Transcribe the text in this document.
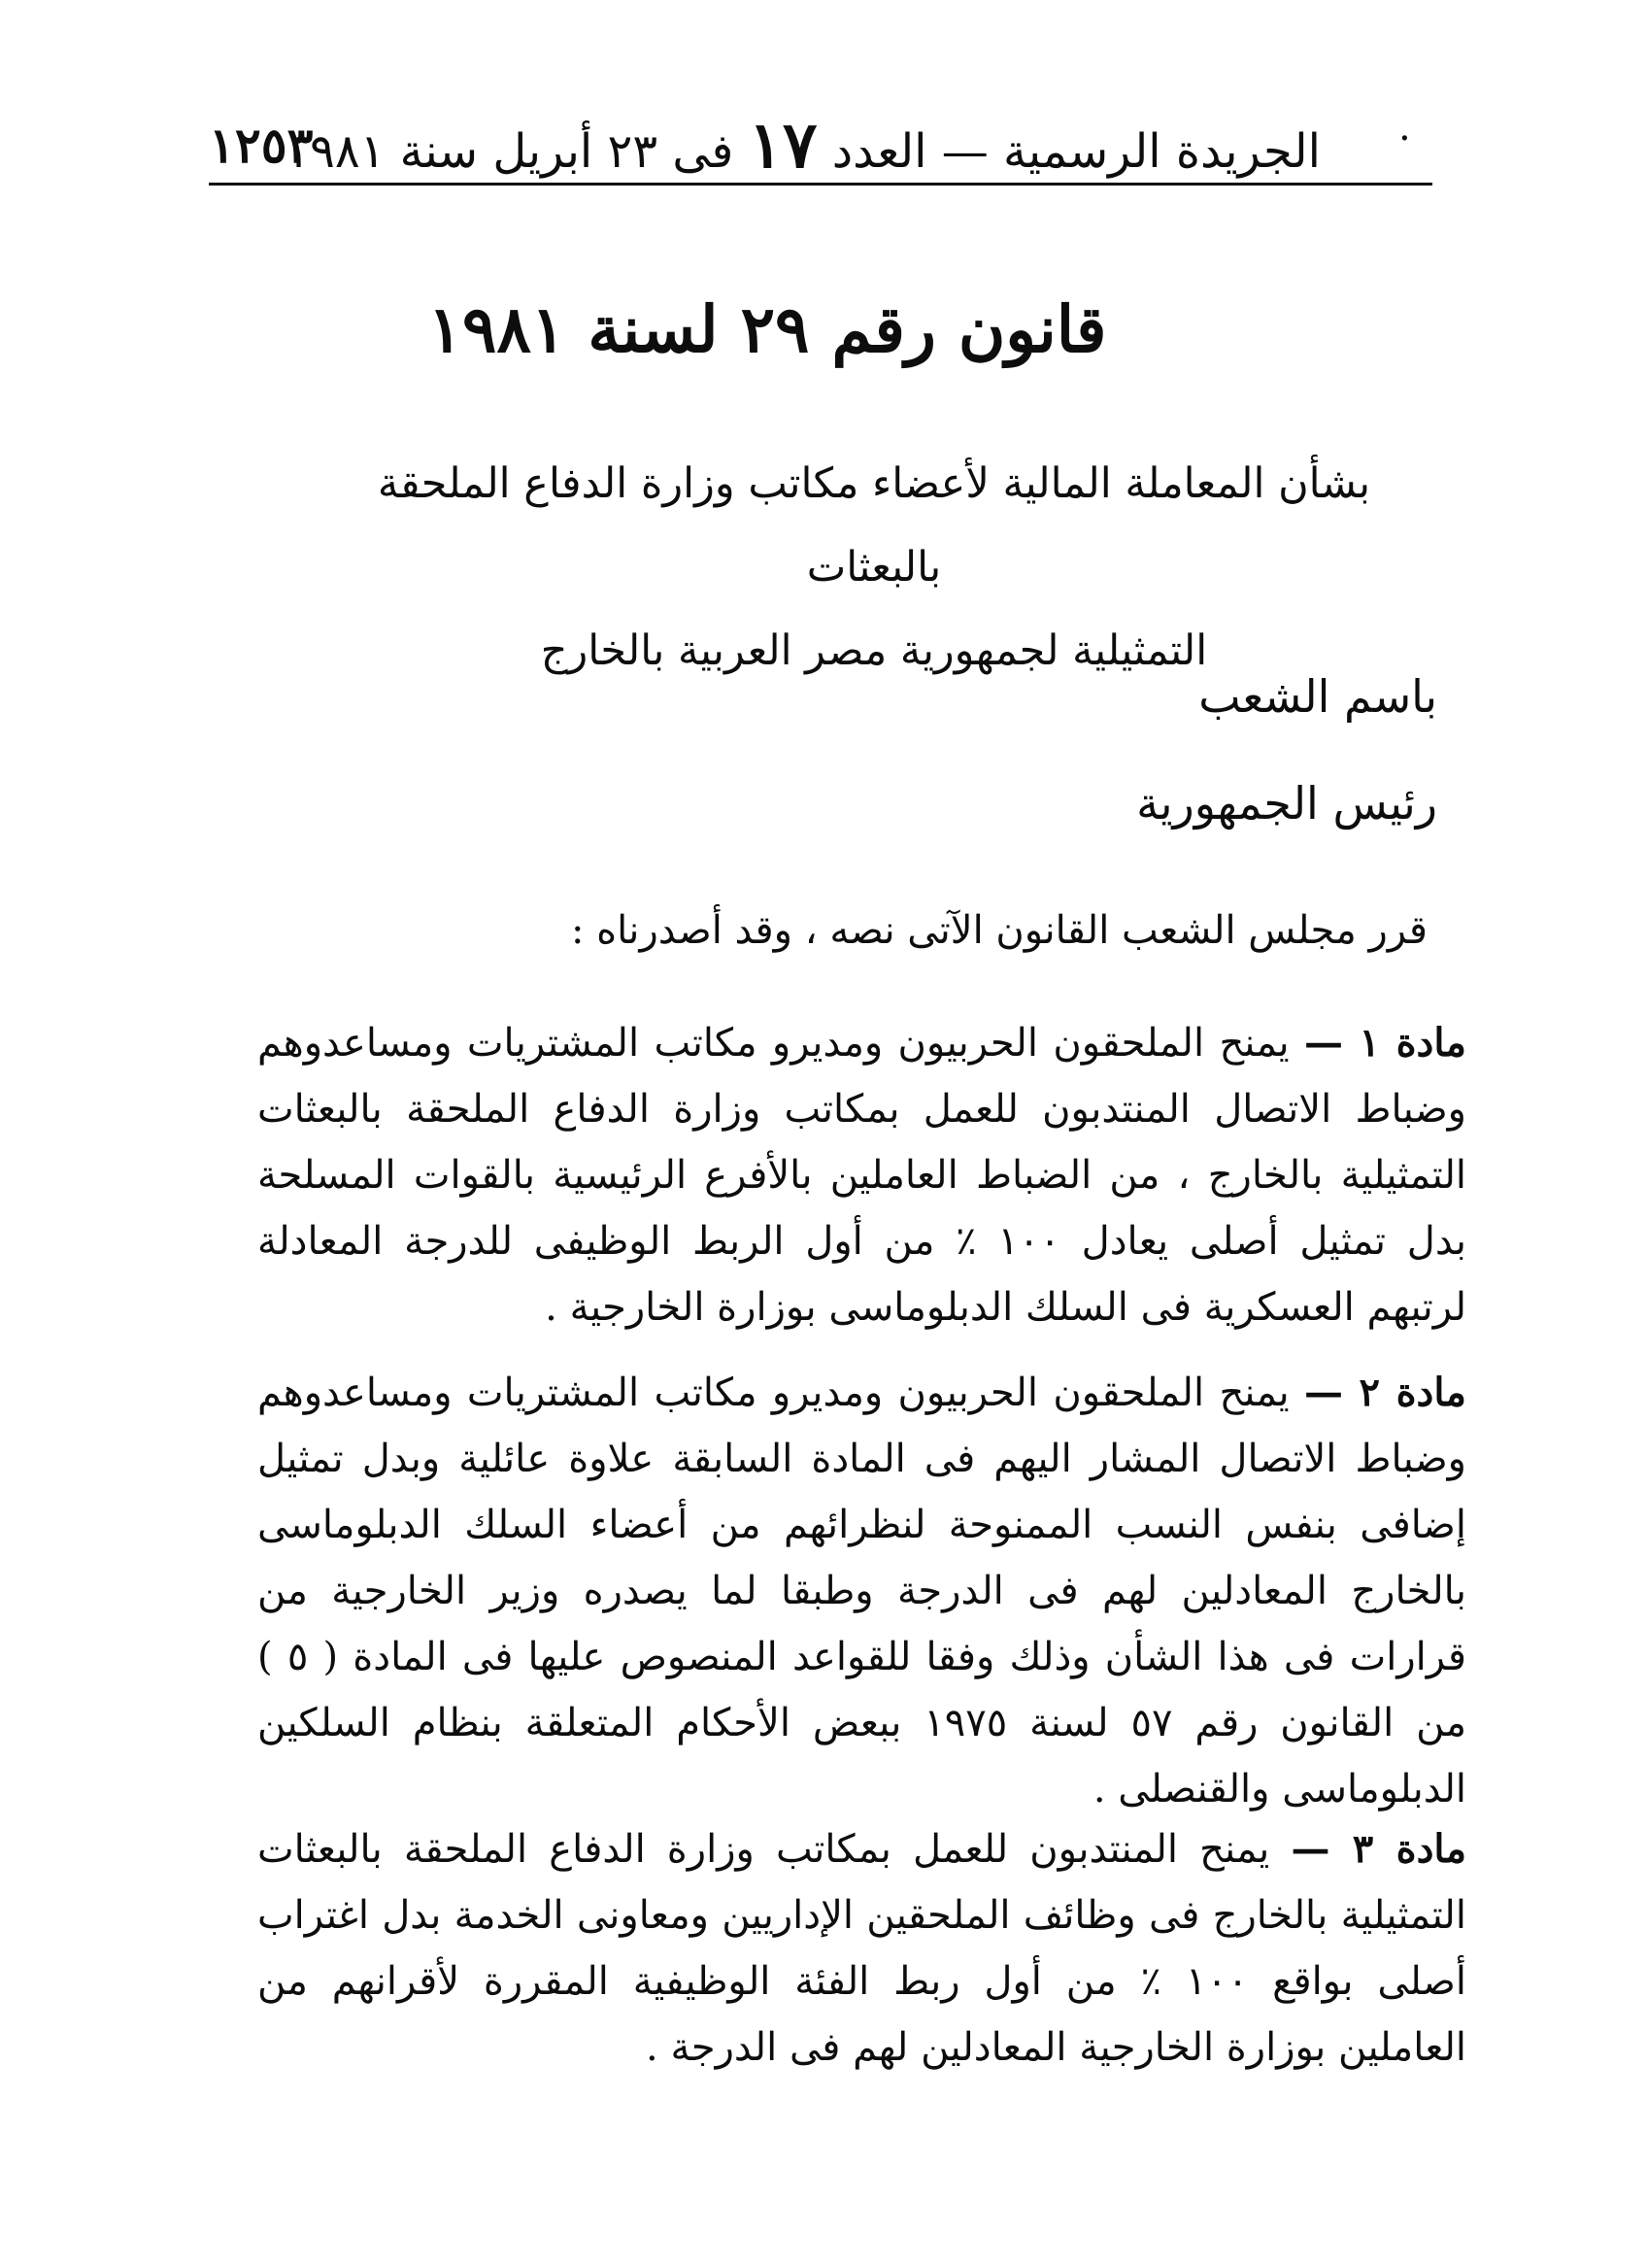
١٢٥٣	الجريدة الرسمية — العدد ١٧ فى ٢٣ أبريل سنة ١٩٨١	.
قانون رقم ٢٩ لسنة ١٩٨١
بشأن المعاملة المالية لأعضاء مكاتب وزارة الدفاع الملحقة بالبعثات
التمثيلية لجمهورية مصر العربية بالخارج
باسم الشعب
رئيس الجمهورية
قرر مجلس الشعب القانون الآتى نصه ، وقد أصدرناه :
مادة ١ — يمنح الملحقون الحربيون ومديرو مكاتب المشتريات ومساعدوهم وضباط الاتصال المنتدبون للعمل بمكاتب وزارة الدفاع الملحقة بالبعثات التمثيلية بالخارج ، من الضباط العاملين بالأفرع الرئيسية بالقوات المسلحة بدل تمثيل أصلى يعادل ١٠٠ ٪ من أول الربط الوظيفى للدرجة المعادلة لرتبهم العسكرية فى السلك الدبلوماسى بوزارة الخارجية .
مادة ٢ — يمنح الملحقون الحربيون ومديرو مكاتب المشتريات ومساعدوهم وضباط الاتصال المشار اليهم فى المادة السابقة علاوة عائلية وبدل تمثيل إضافى بنفس النسب الممنوحة لنظرائهم من أعضاء السلك الدبلوماسى بالخارج المعادلين لهم فى الدرجة وطبقا لما يصدره وزير الخارجية من قرارات فى هذا الشأن وذلك وفقا للقواعد المنصوص عليها فى المادة ( ٥ ) من القانون رقم ٥٧ لسنة ١٩٧٥ ببعض الأحكام المتعلقة بنظام السلكين الدبلوماسى والقنصلى .
مادة ٣ — يمنح المنتدبون للعمل بمكاتب وزارة الدفاع الملحقة بالبعثات التمثيلية بالخارج فى وظائف الملحقين الإداريين ومعاونى الخدمة بدل اغتراب أصلى بواقع ١٠٠ ٪ من أول ربط الفئة الوظيفية المقررة لأقرانهم من العاملين بوزارة الخارجية المعادلين لهم فى الدرجة .
